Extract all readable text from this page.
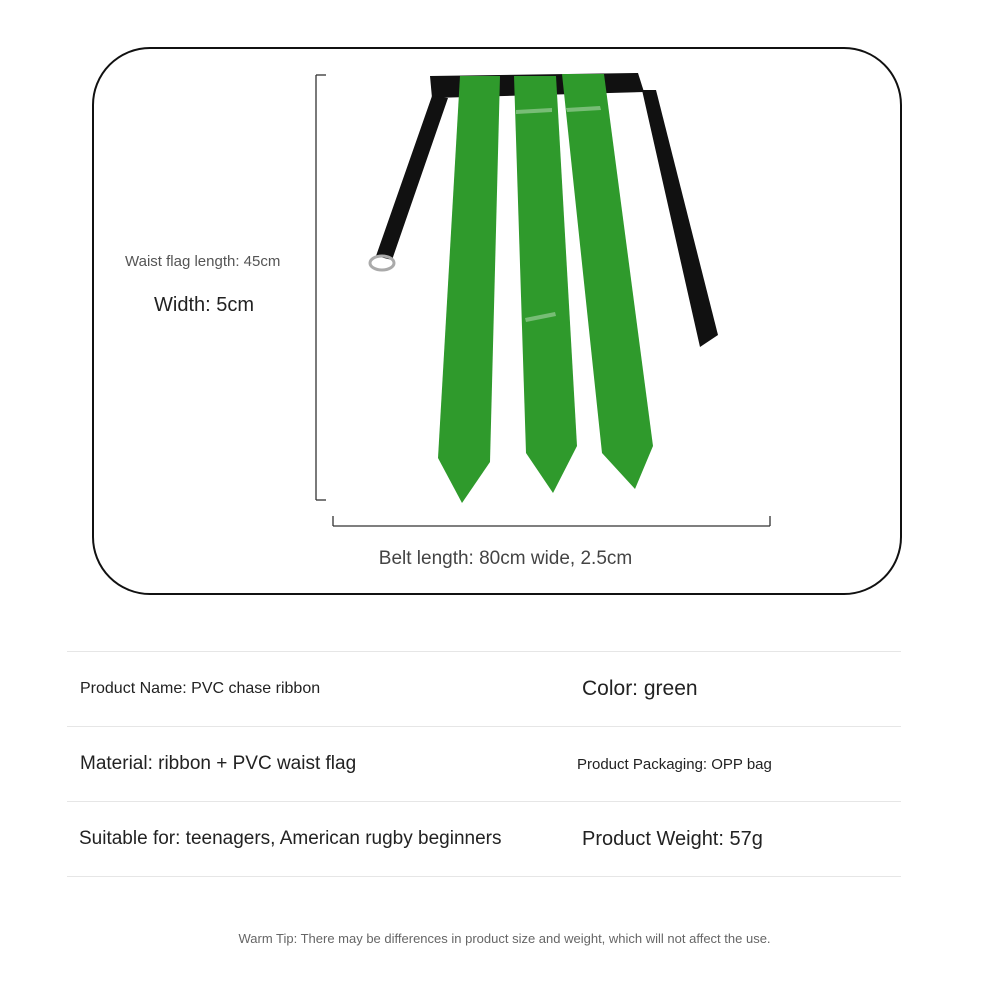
Waist flag length: 45cm
Width: 5cm
Belt length: 80cm wide, 2.5cm
Product Name: PVC chase ribbon	Color: green
Material: ribbon + PVC waist flag	Product Packaging: OPP bag
Suitable for: teenagers, American rugby beginners	Product Weight: 57g
Warm Tip: There may be differences in product size and weight, which will not affect the use.
